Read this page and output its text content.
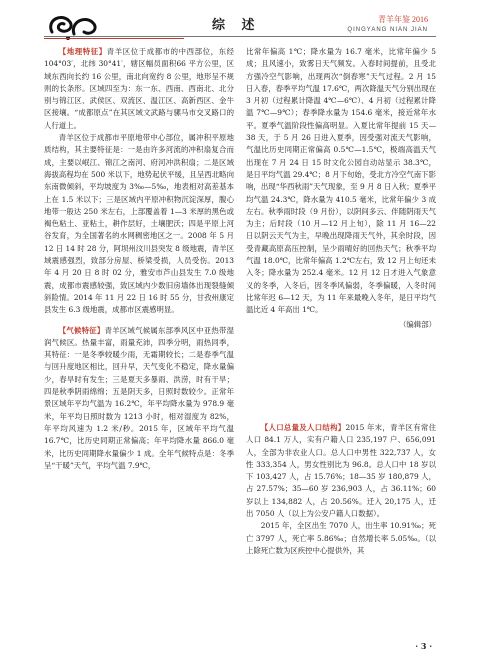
综 述	青羊年鉴 2016
QINGYANG NIAN JIAN

【地理特征】青羊区位于成都市的中西部位，东经 104°03′，北纬 30°41′，辖区幅员面积66 平方公里，区域东西向长约 16 公里，南北向宽约 8 公里，地形呈不规则的长条形。区域四至为：东一东、西南、西南北、北分别与锦江区、武侯区、双流区、温江区、高新西区、金牛区接壤。“成都原点”在其区域文武路与骡马市交叉路口的人行道上。

青羊区位于成都市平原地带中心部位，属冲积平原地质结构，其主要特征是：一是由许多河流的冲积扇复合而成，主要以岷江、锦江之南河、府河冲洪积扇；二是区域海拔高程均在 500 米以下，地势起伏平缓，且呈西北略向东南微倾斜，平均坡度为 3‰—5‰，地表相对高差基本上在 1.5 米以下；三是区域内平原冲积物沉淀深厚，腹心地带一般达 250 米左右，上部覆盖着 1—3 米厚的黑色或褐色粘土、亚粘土，耕作层好，土壤肥沃；四是平原上河谷发育，为全国著名的水网稠密地区之一。2008 年 5 月 12 日 14 时 28 分，阿坝州汶川县突发 8 级地震，青羊区域震感强烈，致部分房屋、桥梁受损，人员受伤。2013 年 4 月 20 日 8 时 02 分，雅安市芦山县发生 7.0 级地震，成都市震感较强，致区域内少数旧房墙体出现裂缝倾斜险情。2014 年 11 月 22 日 16 时 55 分，甘孜州康定县发生 6.3 级地震，成都市区震感明显。

【气候特征】青羊区域气候属东部季风区中亚热带湿润气候区。热量丰富，雨量充沛，四季分明，雨热同季，其特征：一是冬季较暖少雨，无霜期较长；二是春季气温与回升度地区相比，回升早，天气变化不稳定，降水量偏少，春旱时有发生；三是夏天多暴雨、洪涝，时有干旱；四是秋季阴雨绵绵；五是阴天多，日照时数较少。正常年景区域年平均气温为 16.2℃，年平均降水量为 978.9 毫米，年平均日照时数为 1213 小时，相对湿度为 82%，年平均风速为 1.2 米/秒。2015 年，区域年平均气温 16.7℃，比历史同期正常偏高；年平均降水量 866.0 毫米，比历史同期降水量偏少 1 成。全年气候特点是：冬季呈“干暖”天气，平均气温 7.9℃，

比常年偏高 1℃；降水量为 16.7 毫米，比常年偏少 5 成；且风速小，致雾日天气频发。入春时间提前，且受北方强冷空气影响，出现两次“倒春寒”天气过程。2 月 15 日入春，春季平均气温 17.6℃，两次降温天气分别出现在 3 月初（过程累计降温 4℃—6℃）、4 月初（过程累计降温 7℃—9℃）；春季降水量为 154.6 毫米，接近常年水平。夏季气温阶段性偏高明显。入夏比常年提前 15 天—38 天，于 5 月 26 日进入夏季，因受强对流天气影响，气温比历史同期正常偏高 0.5℃—1.5℃，极端高温天气出现在 7 月 24 日 15 时文化公园自动站显示 38.3℃，是日平均气温 29.4℃；8 月下旬始，受北方冷空气南下影响，出现“华西秋雨”天气现象，至 9 月 8 日入秋；夏季平均气温 24.3℃，降水量为 410.5 毫米，比常年偏少 3 成左右。秋季雨时段（9 月份），以阴间多云、伴随阴雨天气为主；后时段（10 月—12 月上旬），除 11 月 16—22 日以阴云天气为主，早晚出现降雨天气外，其余时段，因受青藏高原高压控制，呈少雨晴好的回热天气；秋季平均气温 18.0℃，比常年偏高 1.2℃左右，致 12 月上旬还未入冬；降水量为 252.4 毫米。12 月 12 日才进入气象意义的冬季，入冬后，因冬季风偏弱，冬季偏暖，入冬时间比常年迟 6—12 天，为 11 年来最晚入冬年，是日平均气温比近 4 年高出 1℃。

（编辑部）

【人口总量及人口结构】2015 年末，青羊区有常住人口 84.1 万人，实有户籍人口 235,197 户、656,091 人，全部为非农业人口。总人口中男性 322,737 人，女性 333,354 人，男女性别比为 96.8。总人口中 18 岁以下 103,427 人，占 15.76%；18—35 岁 180,879 人，占 27.57%；35—60 岁 236,903 人，占 36.11%；60 岁以上 134,882 人，占 20.56%。迁入 20,175 人，迁出 7050 人（以上为公安户籍人口数据）。

2015 年，全区出生 7070 人，出生率 10.91‰；死亡 3797 人，死亡率 5.86‰；自然增长率 5.05‰。（以上除死亡数为区疾控中心提供外，其

· 3 ·
